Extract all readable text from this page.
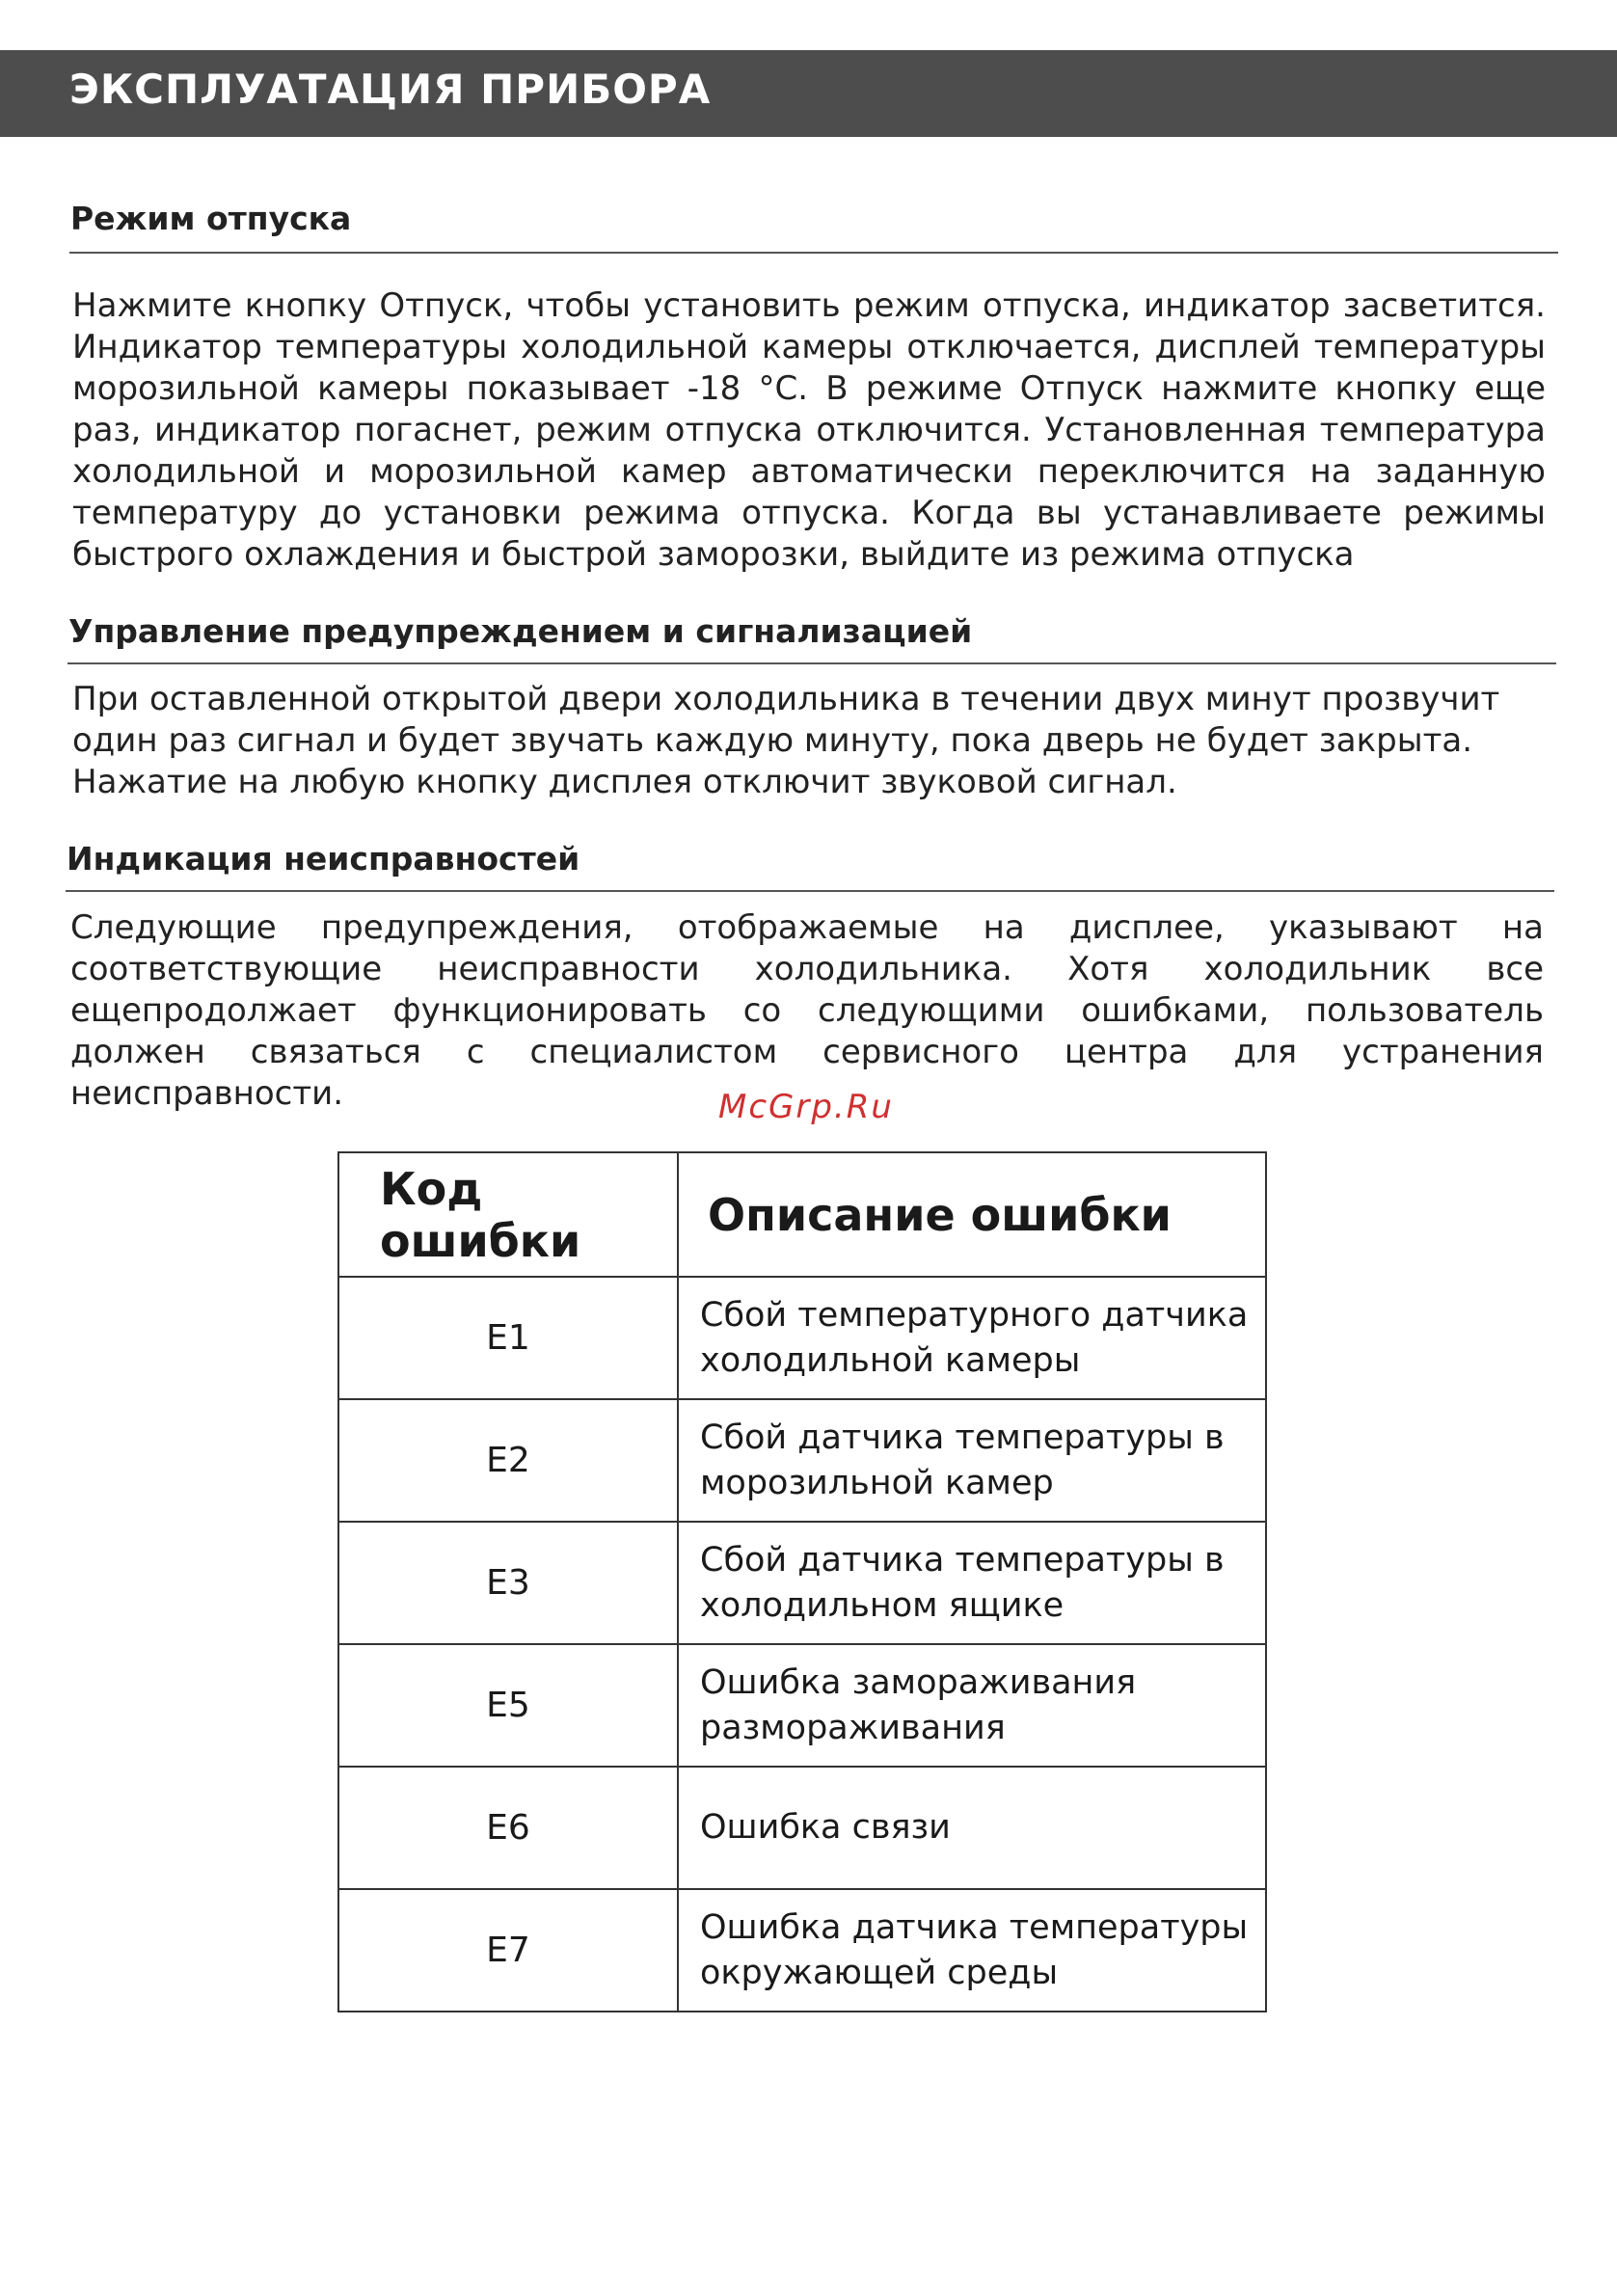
ЭКСПЛУАТАЦИЯ ПРИБОРА
Режим отпуска

Нажмите кнопку Отпуск, чтобы установить режим отпуска, индикатор засветится. Индикатор температуры холодильной камеры отключается, дисплей температуры морозильной камеры показывает -18 °С. В режиме Отпуск нажмите кнопку еще раз, индикатор погаснет, режим отпуска отключится. Установленная температура холодильной и морозильной камер автоматически переключится на заданную температуру до установки режима отпуска. Когда вы устанавливаете режимы быстрого охлаждения и быстрой заморозки, выйдите из режима отпуска

Управление предупреждением и сигнализацией

При оставленной открытой двери холодильника в течении двух минут прозвучит один раз сигнал и будет звучать каждую минуту, пока дверь не будет закрыта. Нажатие на любую кнопку дисплея отключит звуковой сигнал.

Индикация неисправностей

Следующие предупреждения, отображаемые на дисплее, указывают на соответствующие неисправности холодильника. Хотя холодильник все ещепродолжает функционировать со следующими ошибками, пользователь должен связаться с специалистом сервисного центра для устранения неисправности.	McGrp.Ru
Код ошибки	Описание ошибки
E1	Сбой температурного датчика холодильной камеры
E2	Сбой датчика температуры в морозильной камер
E3	Сбой датчика температуры в холодильном ящике
E5	Ошибка замораживания размораживания
E6	Ошибка связи
E7	Ошибка датчика температуры окружающей среды
